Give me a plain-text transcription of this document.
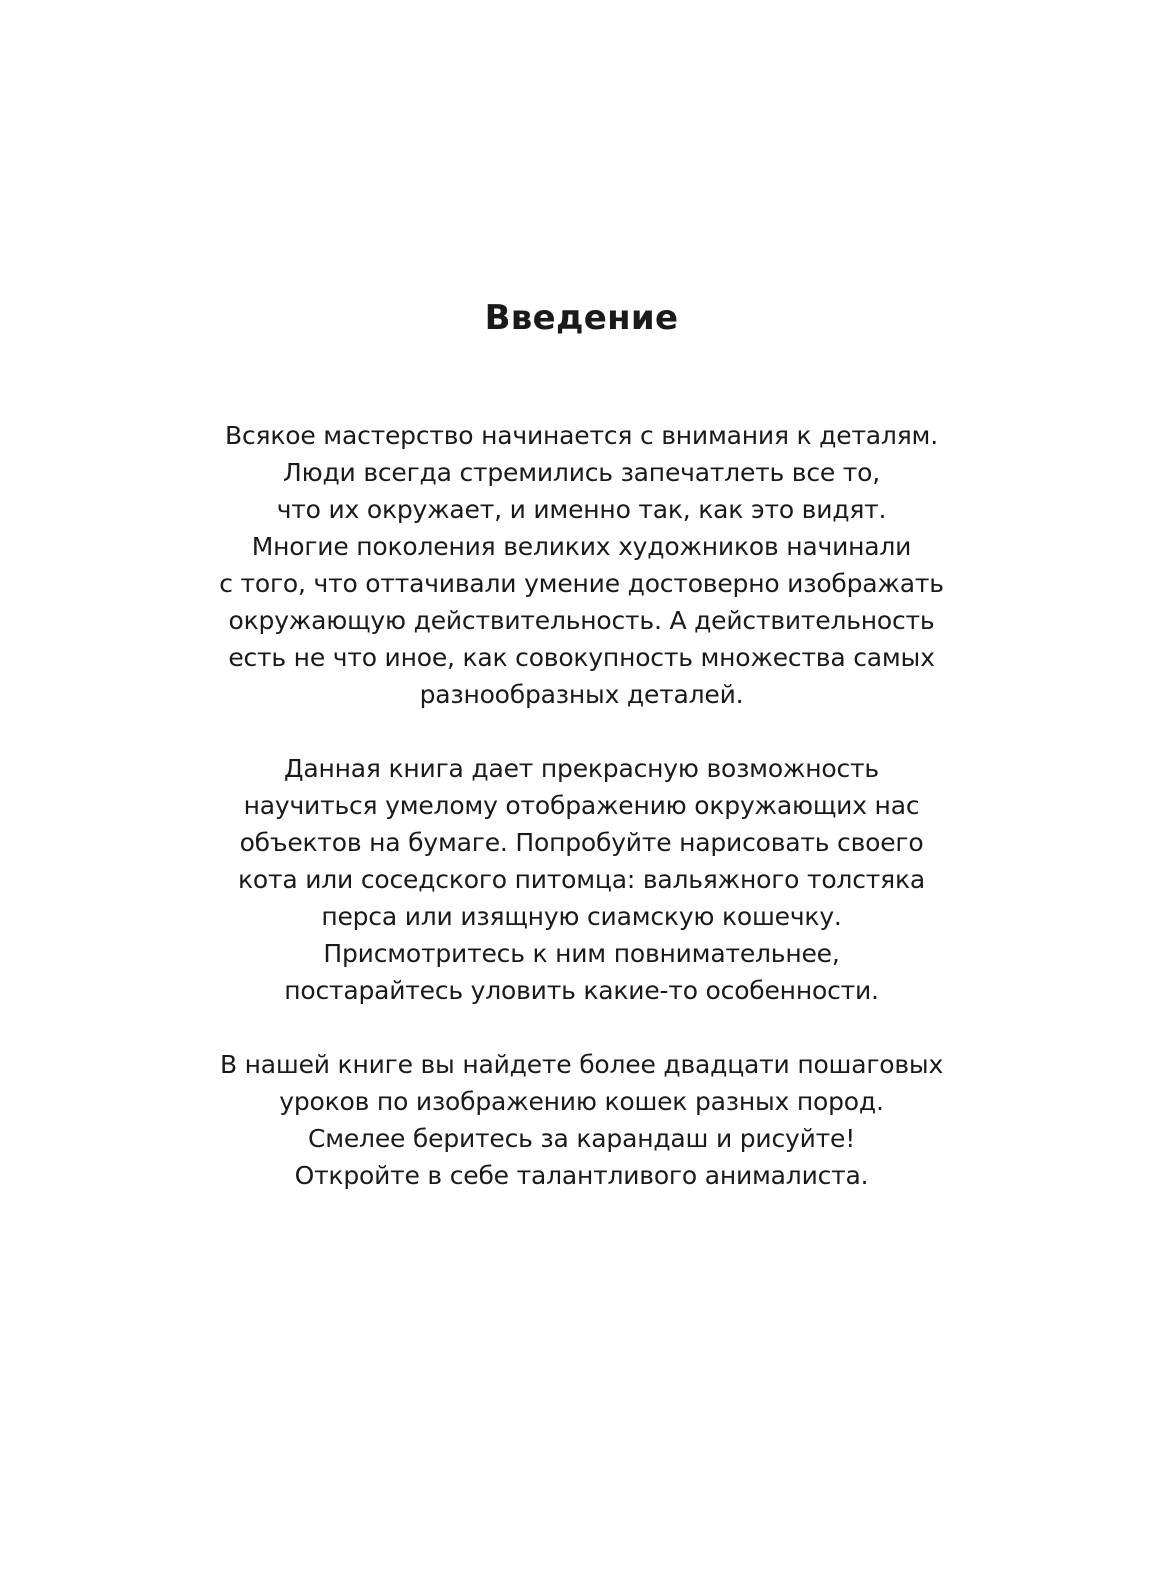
Введение

Всякое мастерство начинается с внимания к деталям.
Люди всегда стремились запечатлеть все то,
что их окружает, и именно так, как это видят.
Многие поколения великих художников начинали
с того, что оттачивали умение достоверно изображать
окружающую действительность. А действительность
есть не что иное, как совокупность множества самых
разнообразных деталей.

Данная книга дает прекрасную возможность
научиться умелому отображению окружающих нас
объектов на бумаге. Попробуйте нарисовать своего
кота или соседского питомца: вальяжного толстяка
перса или изящную сиамскую кошечку.
Присмотритесь к ним повнимательнее,
постарайтесь уловить какие-то особенности.

В нашей книге вы найдете более двадцати пошаговых
уроков по изображению кошек разных пород.
Смелее беритесь за карандаш и рисуйте!
Откройте в себе талантливого анималиста.
